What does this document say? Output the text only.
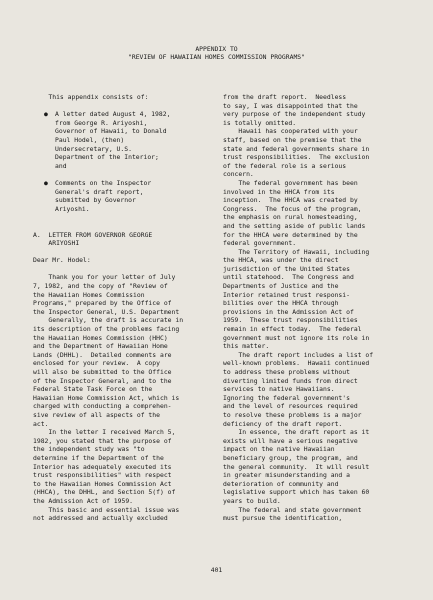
APPENDIX TO
"REVIEW OF HAWAIIAN HOMES COMMISSION PROGRAMS"
This appendix consists of:
● A letter dated August 4, 1982,
from George R. Ariyoshi,
Governor of Hawaii, to Donald
Paul Hodel, (then)
Undersecretary, U.S.
Department of the Interior;
and
● Comments on the Inspector
General's draft report,
submitted by Governor
Ariyoshi.
A.  LETTER FROM GOVERNOR GEORGE
ARIYOSHI
Dear Mr. Hodel:
Thank you for your letter of July
7, 1982, and the copy of "Review of
the Hawaiian Homes Commission
Programs," prepared by the Office of
the Inspector General, U.S. Department
Generally, the draft is accurate in
its description of the problems facing
the Hawaiian Homes Commission (HHC)
and the Department of Hawaiian Home
Lands (DHHL).  Detailed comments are
enclosed for your review.  A copy
will also be submitted to the Office
of the Inspector General, and to the
Federal State Task Force on the
Hawaiian Home Commission Act, which is
charged with conducting a comprehen-
sive review of all aspects of the
act.
In the letter I received March 5,
1982, you stated that the purpose of
the independent study was "to
determine if the Department of the
Interior has adequately executed its
trust responsibilities" with respect
to the Hawaiian Homes Commission Act
(HHCA), the DHHL, and Section 5(f) of
the Admission Act of 1959.
This basic and essential issue was
not addressed and actually excluded
from the draft report.  Needless
to say, I was disappointed that the
very purpose of the independent study
is totally omitted.
Hawaii has cooperated with your
staff, based on the premise that the
state and federal governments share in
trust responsibilities.  The exclusion
of the federal role is a serious
concern.
The federal government has been
involved in the HHCA from its
inception.  The HHCA was created by
Congress.  The focus of the program,
the emphasis on rural homesteading,
and the setting aside of public lands
for the HHCA were determined by the
federal government.
The Territory of Hawaii, including
the HHCA, was under the direct
jurisdiction of the United States
until statehood.  The Congress and
Departments of Justice and the
Interior retained trust responsi-
bilities over the HHCA through
provisions in the Admission Act of
1959.  These trust responsibilities
remain in effect today.  The federal
government must not ignore its role in
this matter.
The draft report includes a list of
well-known problems.  Hawaii continued
to address these problems without
diverting limited funds from direct
services to native Hawaiians.
Ignoring the federal government's
and the level of resources required
to resolve these problems is a major
deficiency of the draft report.
In essence, the draft report as it
exists will have a serious negative
impact on the native Hawaiian
beneficiary group, the program, and
the general community.  It will result
in greater misunderstanding and a
deterioration of community and
legislative support which has taken 60
years to build.
The federal and state government
must pursue the identification,
401
